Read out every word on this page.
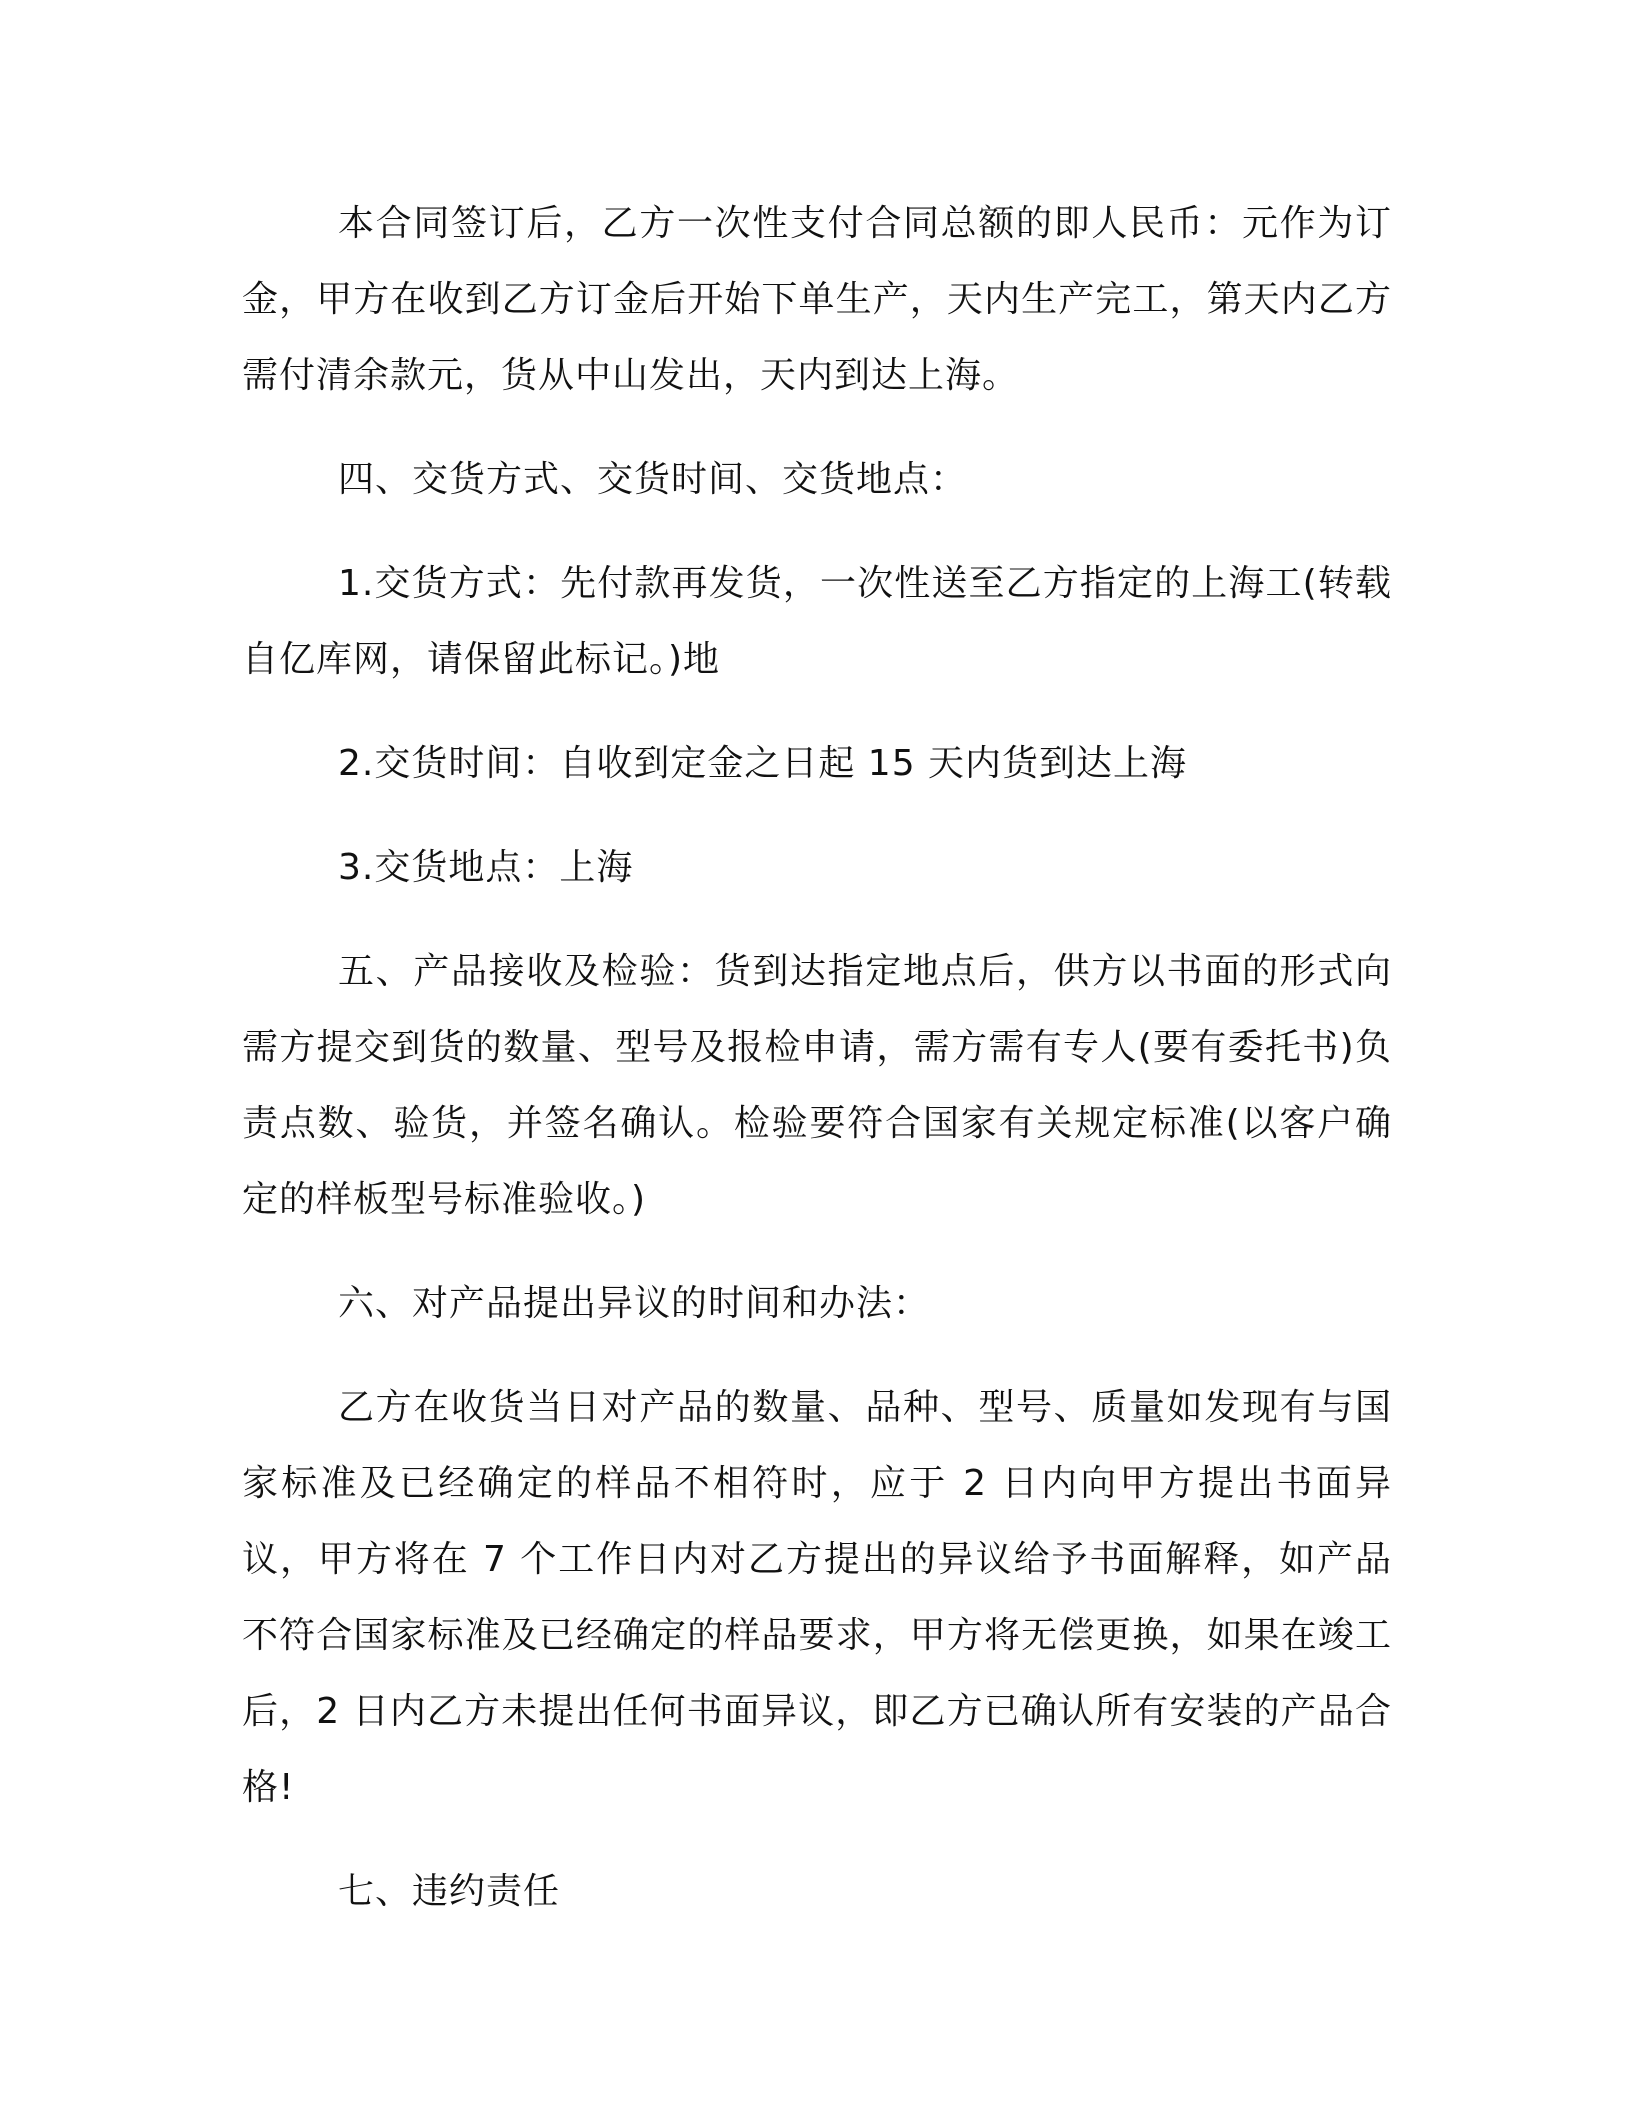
本合同签订后，乙方一次性支付合同总额的即人民币：元作为订金，甲方在收到乙方订金后开始下单生产，天内生产完工，第天内乙方需付清余款元，货从中山发出，天内到达上海。

四、交货方式、交货时间、交货地点：

1.交货方式：先付款再发货，一次性送至乙方指定的上海工(转载自亿库网，请保留此标记。)地

2.交货时间：自收到定金之日起 15 天内货到达上海

3.交货地点：上海

五、产品接收及检验：货到达指定地点后，供方以书面的形式向需方提交到货的数量、型号及报检申请，需方需有专人(要有委托书)负责点数、验货，并签名确认。检验要符合国家有关规定标准(以客户确定的样板型号标准验收。)

六、对产品提出异议的时间和办法：

乙方在收货当日对产品的数量、品种、型号、质量如发现有与国家标准及已经确定的样品不相符时，应于 2 日内向甲方提出书面异议，甲方将在 7 个工作日内对乙方提出的异议给予书面解释，如产品不符合国家标准及已经确定的样品要求，甲方将无偿更换，如果在竣工后，2 日内乙方未提出任何书面异议，即乙方已确认所有安装的产品合格!

七、违约责任
